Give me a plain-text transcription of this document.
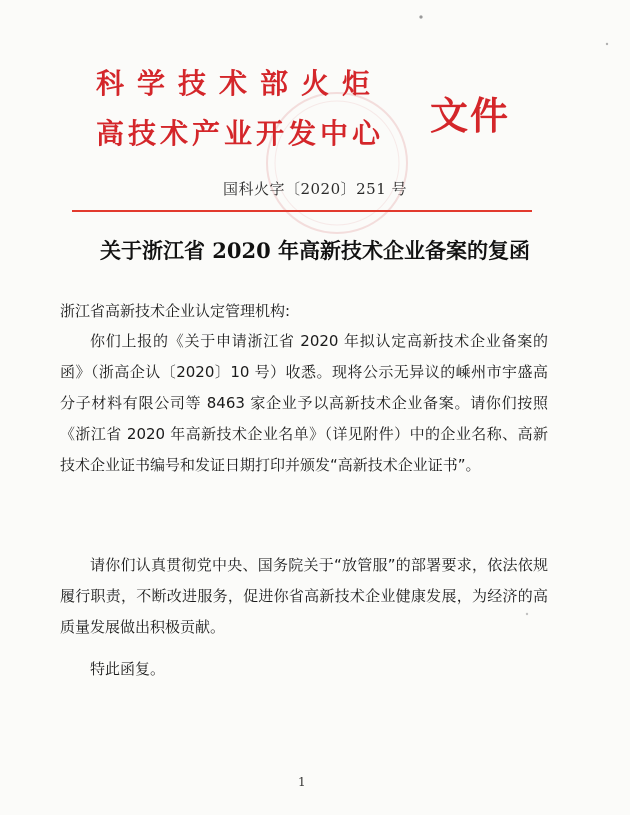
科学技术部火炬
高技术产业开发中心 文件
国科火字〔2020〕251 号
关于浙江省 2020 年高新技术企业备案的复函
浙江省高新技术企业认定管理机构:
你们上报的《关于申请浙江省 2020 年拟认定高新技术企业备案的函》（浙高企认〔2020〕10 号）收悉。现将公示无异议的嵊州市宇盛高分子材料有限公司等 8463 家企业予以高新技术企业备案。请你们按照《浙江省 2020 年高新技术企业名单》（详见附件）中的企业名称、高新技术企业证书编号和发证日期打印并颁发“高新技术企业证书”。
请你们认真贯彻党中央、国务院关于“放管服”的部署要求，依法依规履行职责，不断改进服务，促进你省高新技术企业健康发展，为经济的高质量发展做出积极贡献。
特此函复。
1
